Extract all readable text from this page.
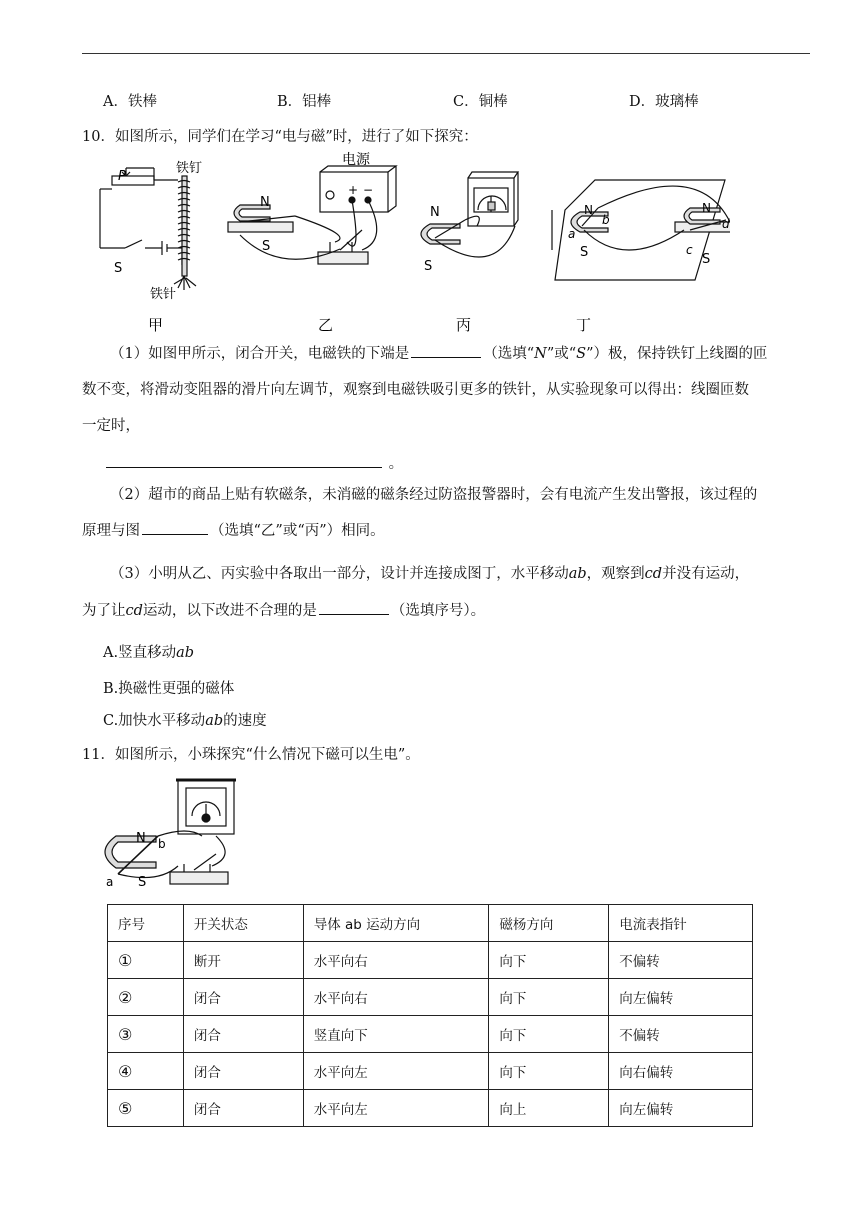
A．铁棒	B．铝棒	C．铜棒	D．玻璃棒
10．如图所示，同学们在学习“电与磁”时，进行了如下探究：
P
S
铁钉
铁针
甲
电源
+ −
N
S
乙
N
S
丙
N
b
a
S
N
d
c
S
丁
（1）如图甲所示，闭合开关，电磁铁的下端是	（选填“N”或“S”）极，保持铁钉上线圈的匝
数不变，将滑动变阻器的滑片向左调节，观察到电磁铁吸引更多的铁针，从实验现象可以得出：线圈匝数
一定时，
。
（2）超市的商品上贴有软磁条，未消磁的磁条经过防盗报警器时，会有电流产生发出警报，该过程的
原理与图	（选填“乙”或“丙”）相同。
（3）小明从乙、丙实验中各取出一部分，设计并连接成图丁，水平移动ab，观察到cd并没有运动，
为了让cd运动，以下改进不合理的是	（选填序号）。
A.竖直移动ab
B.换磁性更强的磁体
C.加快水平移动ab的速度
11．如图所示，小珠探究“什么情况下磁可以生电”。
N b
a S
序号	开关状态	导体 ab 运动方向	磁杨方向	电流表指针
①	断开	水平向右	向下	不偏转
②	闭合	水平向右	向下	向左偏转
③	闭合	竖直向下	向下	不偏转
④	闭合	水平向左	向下	向右偏转
⑤	闭合	水平向左	向上	向左偏转
